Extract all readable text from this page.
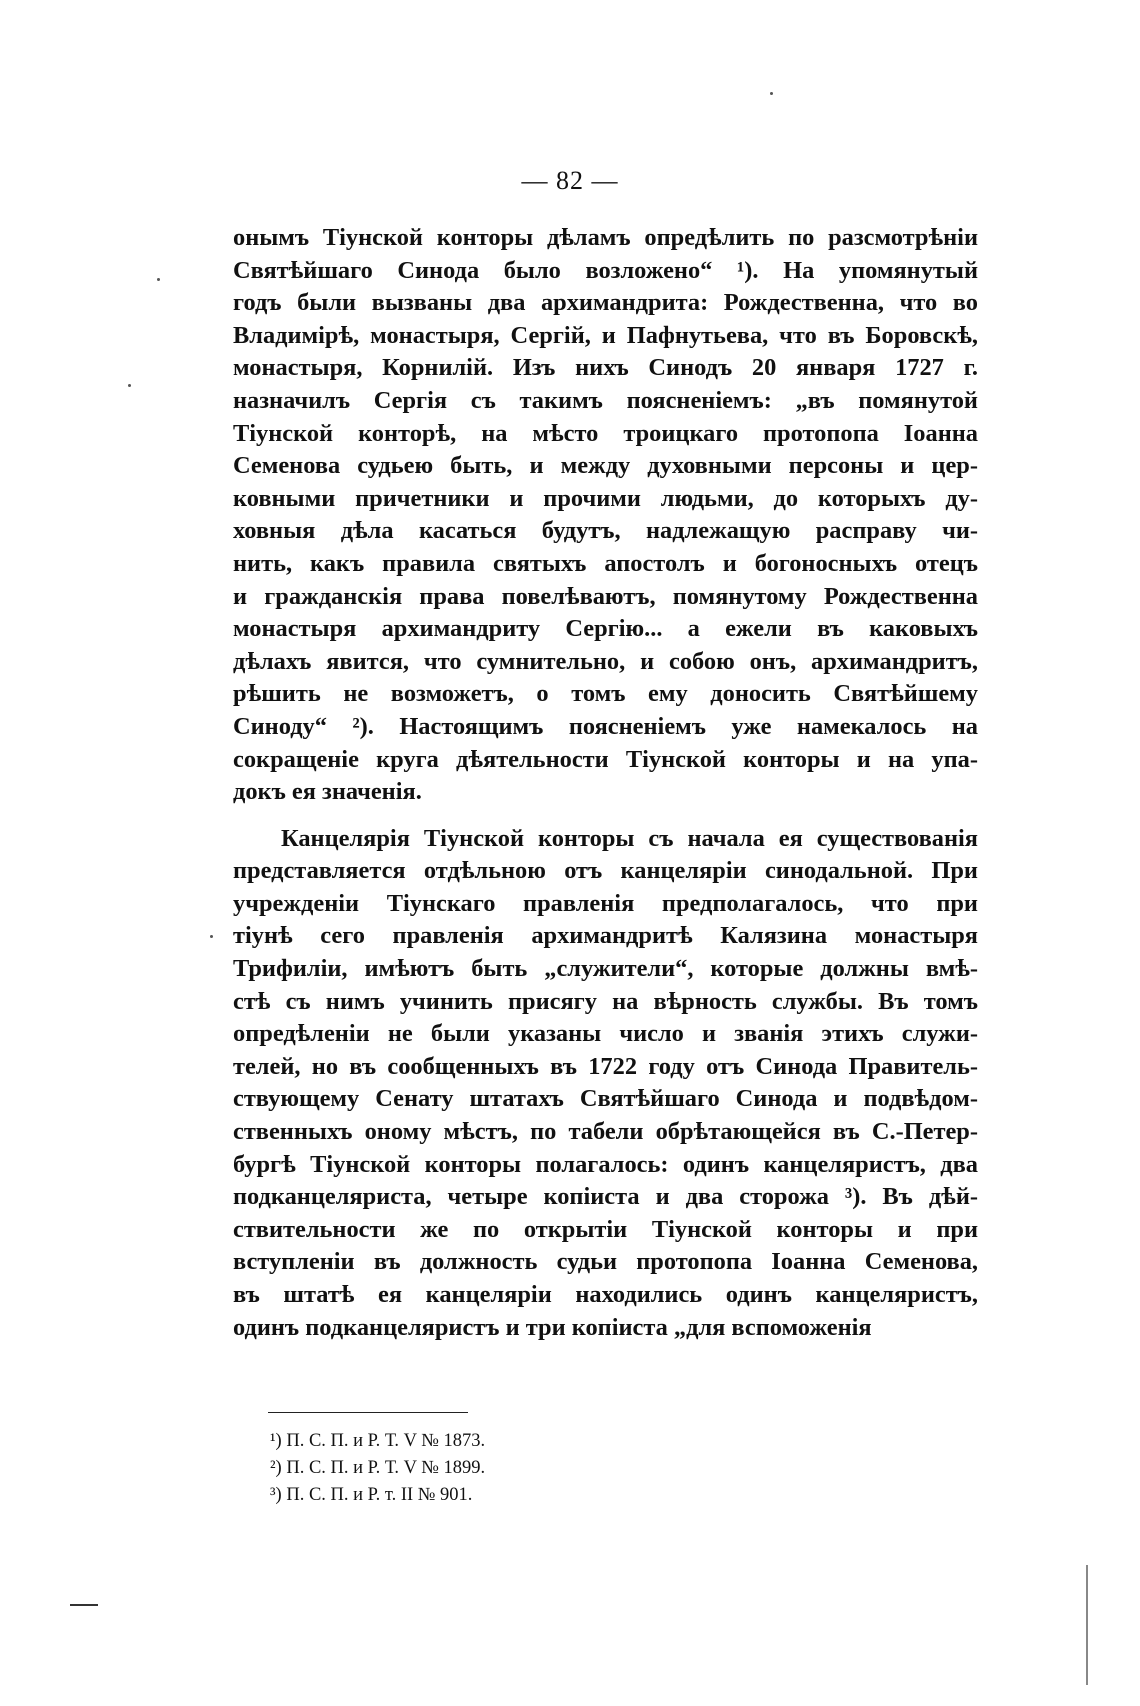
— 82 —
онымъ Тіунской конторы дѣламъ опредѣлить по разсмотрѣніи
Святѣйшаго Синода было возложено“ ¹). На упомянутый
годъ были вызваны два архимандрита: Рождественна, что во
Владимірѣ, монастыря, Сергій, и Пафнутьева, что въ Боровскѣ,
монастыря, Корнилій. Изъ нихъ Синодъ 20 января 1727 г.
назначилъ Сергія съ такимъ поясненіемъ: „въ помянутой
Тіунской конторѣ, на мѣсто троицкаго протопопа Іоанна
Семенова судьею быть, и между духовными персоны и цер-
ковными причетники и прочими людьми, до которыхъ ду-
ховныя дѣла касаться будутъ, надлежащую расправу чи-
нить, какъ правила святыхъ апостолъ и богоносныхъ отецъ
и гражданскія права повелѣваютъ, помянутому Рождественна
монастыря архимандриту Сергію... а ежели въ каковыхъ
дѣлахъ явится, что сумнительно, и собою онъ, архимандритъ,
рѣшить не возможетъ, о томъ ему доносить Святѣйшему
Синоду“ ²). Настоящимъ поясненіемъ уже намекалось на
сокращеніе круга дѣятельности Тіунской конторы и на упа-
докъ ея значенія.
Канцелярія Тіунской конторы съ начала ея существованія
представляется отдѣльною отъ канцеляріи синодальной. При
учрежденіи Тіунскаго правленія предполагалось, что при
тіунѣ сего правленія архимандритѣ Калязина монастыря
Трифиліи, имѣютъ быть „служители“, которые должны вмѣ-
стѣ съ нимъ учинить присягу на вѣрность службы. Въ томъ
опредѣленіи не были указаны число и званія этихъ служи-
телей, но въ сообщенныхъ въ 1722 году отъ Синода Правитель-
ствующему Сенату штатахъ Святѣйшаго Синода и подвѣдом-
ственныхъ оному мѣстъ, по табели обрѣтающейся въ С.-Петер-
бургѣ Тіунской конторы полагалось: одинъ канцеляристъ, два
подканцеляриста, четыре копіиста и два сторожа ³). Въ дѣй-
ствительности же по открытіи Тіунской конторы и при
вступленіи въ должность судьи протопопа Іоанна Семенова,
въ штатѣ ея канцеляріи находились одинъ канцеляристъ,
одинъ подканцеляристъ и три копіиста „для вспоможенія
¹) П. С. П. и Р. Т. V № 1873.
²) П. С. П. и Р. Т. V № 1899.
³) П. С. П. и Р. т. II № 901.
